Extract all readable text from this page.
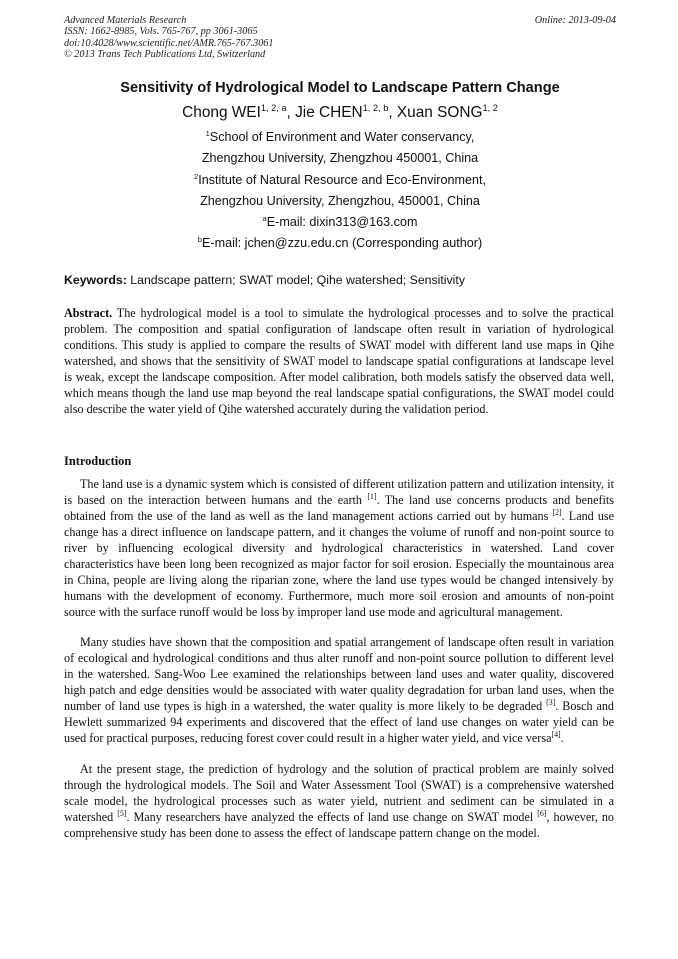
Advanced Materials Research
ISSN: 1662-8985, Vols. 765-767, pp 3061-3065
doi:10.4028/www.scientific.net/AMR.765-767.3061
© 2013 Trans Tech Publications Ltd, Switzerland
Online: 2013-09-04
Sensitivity of Hydrological Model to Landscape Pattern Change
Chong WEI$^{1, 2, a}$, Jie CHEN$^{1, 2, b}$, Xuan SONG$^{1, 2}$
$^1$School of Environment and Water conservancy,
Zhengzhou University, Zhengzhou 450001, China
$^2$Institute of Natural Resource and Eco-Environment,
Zhengzhou University, Zhengzhou, 450001, China
$^a$E-mail: dixin313@163.com
$^b$E-mail: jchen@zzu.edu.cn (Corresponding author)
Keywords: Landscape pattern; SWAT model; Qihe watershed; Sensitivity
Abstract. The hydrological model is a tool to simulate the hydrological processes and to solve the practical problem. The composition and spatial configuration of landscape often result in variation of hydrological conditions. This study is applied to compare the results of SWAT model with different land use maps in Qihe watershed, and shows that the sensitivity of SWAT model to landscape spatial configurations at landscape level is weak, except the landscape composition. After model calibration, both models satisfy the observed data well, which means though the land use map beyond the real landscape spatial configurations, the SWAT model could also describe the water yield of Qihe watershed accurately during the validation period.
Introduction
The land use is a dynamic system which is consisted of different utilization pattern and utilization intensity, it is based on the interaction between humans and the earth [1]. The land use concerns products and benefits obtained from the use of the land as well as the land management actions carried out by humans [2]. Land use change has a direct influence on landscape pattern, and it changes the volume of runoff and non-point source to river by influencing ecological diversity and hydrological characteristics in watershed. Land cover characteristics have been long been recognized as major factor for soil erosion. Especially the mountainous area in China, people are living along the riparian zone, where the land use types would be changed intensively by humans with the development of economy. Furthermore, much more soil erosion and amounts of non-point source with the surface runoff would be loss by improper land use mode and agricultural management.
Many studies have shown that the composition and spatial arrangement of landscape often result in variation of ecological and hydrological conditions and thus alter runoff and non-point source pollution to different level in the watershed. Sang-Woo Lee examined the relationships between land uses and water quality, discovered high patch and edge densities would be associated with water quality degradation for urban land uses, when the number of land use types is high in a watershed, the water quality is more likely to be degraded [3]. Bosch and Hewlett summarized 94 experiments and discovered that the effect of land use changes on water yield can be used for practical purposes, reducing forest cover could result in a higher water yield, and vice versa[4].
At the present stage, the prediction of hydrology and the solution of practical problem are mainly solved through the hydrological models. The Soil and Water Assessment Tool (SWAT) is a comprehensive watershed scale model, the hydrological processes such as water yield, nutrient and sediment can be simulated in a watershed [5]. Many researchers have analyzed the effects of land use change on SWAT model [6], however, no comprehensive study has been done to assess the effect of landscape pattern change on the model.
